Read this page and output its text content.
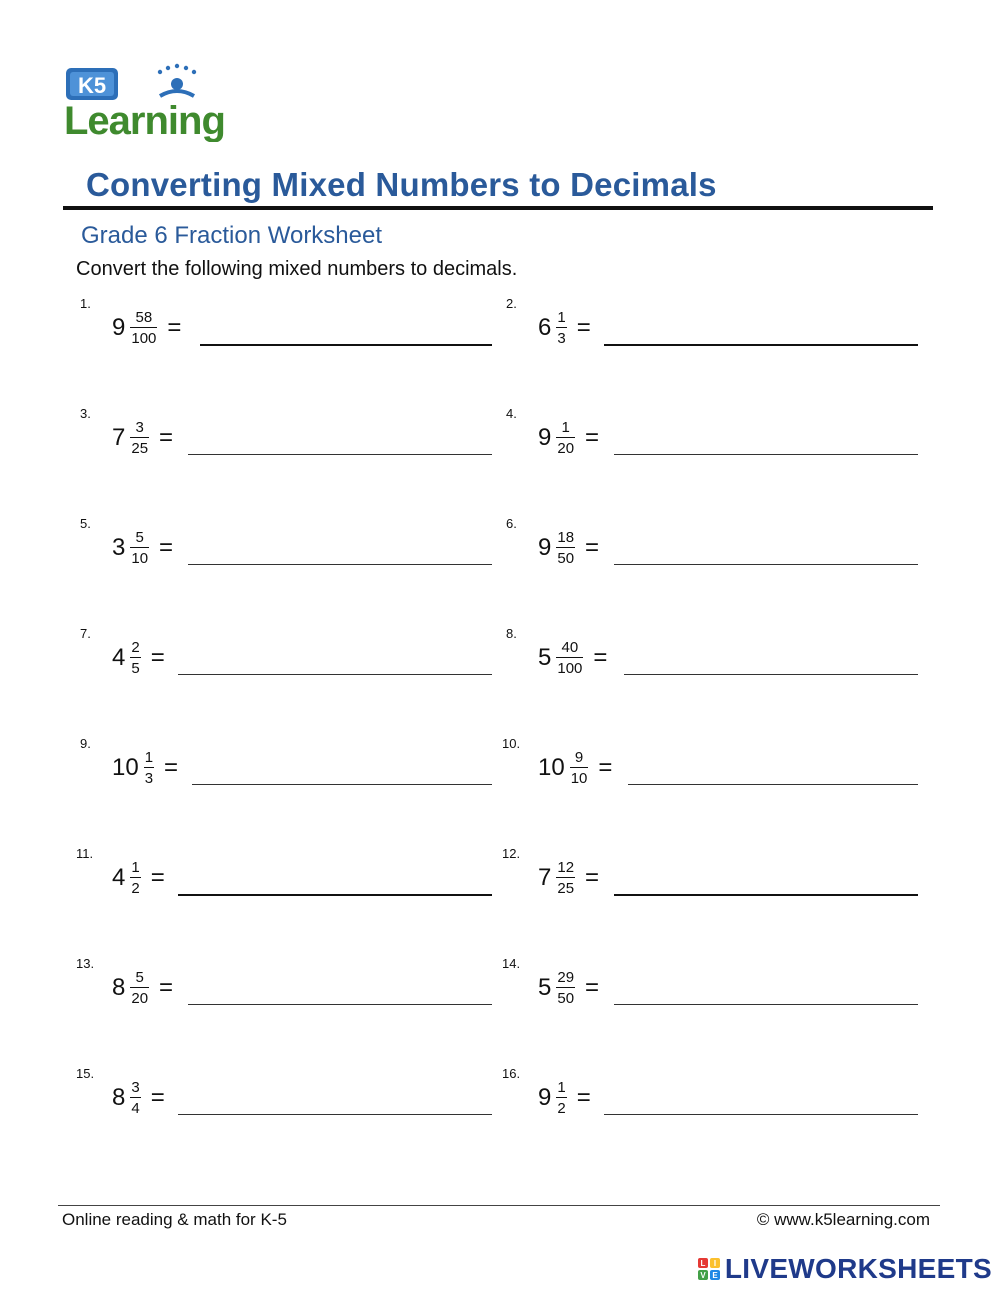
K5
Learning
Converting Mixed Numbers to Decimals
Grade 6 Fraction Worksheet
Convert the following mixed numbers to decimals.
1.
$9 \frac{58}{100}$ =
2.
$6 \frac{1}{3}$ =
3.
$7 \frac{3}{25}$ =
4.
$9 \frac{1}{20}$ =
5.
$3 \frac{5}{10}$ =
6.
$9 \frac{18}{50}$ =
7.
$4 \frac{2}{5}$ =
8.
$5 \frac{40}{100}$ =
9.
$10 \frac{1}{3}$ =
10.
$10 \frac{9}{10}$ =
11.
$4 \frac{1}{2}$ =
12.
$7 \frac{12}{25}$ =
13.
$8 \frac{5}{20}$ =
14.
$5 \frac{29}{50}$ =
15.
$8 \frac{3}{4}$ =
16.
$9 \frac{1}{2}$ =
Online reading & math for K-5	© www.k5learning.com
L I
V E LIVEWORKSHEETS
